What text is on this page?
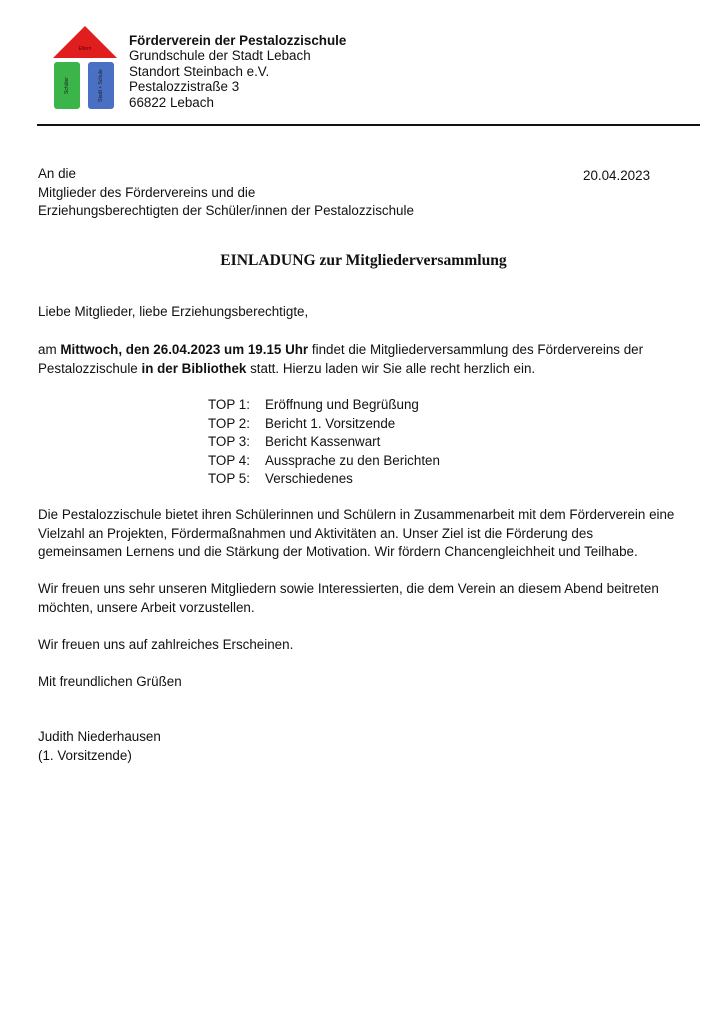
Eltern
Schüler	Stadt + Schule
Förderverein der Pestalozzischule
Grundschule der Stadt Lebach
Standort Steinbach e.V.
Pestalozzistraße 3
66822 Lebach
An die
Mitglieder des Fördervereins und die
Erziehungsberechtigten der Schüler/innen der Pestalozzischule
20.04.2023
EINLADUNG zur Mitgliederversammlung
Liebe Mitglieder, liebe Erziehungsberechtigte,
am Mittwoch, den 26.04.2023 um 19.15 Uhr findet die Mitgliederversammlung des Fördervereins der
Pestalozzischule in der Bibliothek statt. Hierzu laden wir Sie alle recht herzlich ein.
TOP 1: Eröffnung und Begrüßung
TOP 2: Bericht 1. Vorsitzende
TOP 3: Bericht Kassenwart
TOP 4: Aussprache zu den Berichten
TOP 5: Verschiedenes
Die Pestalozzischule bietet ihren Schülerinnen und Schülern in Zusammenarbeit mit dem Förderverein eine
Vielzahl an Projekten, Fördermaßnahmen und Aktivitäten an. Unser Ziel ist die Förderung des
gemeinsamen Lernens und die Stärkung der Motivation. Wir fördern Chancengleichheit und Teilhabe.
Wir freuen uns sehr unseren Mitgliedern sowie Interessierten, die dem Verein an diesem Abend beitreten
möchten, unsere Arbeit vorzustellen.
Wir freuen uns auf zahlreiches Erscheinen.
Mit freundlichen Grüßen
Judith Niederhausen
(1. Vorsitzende)
